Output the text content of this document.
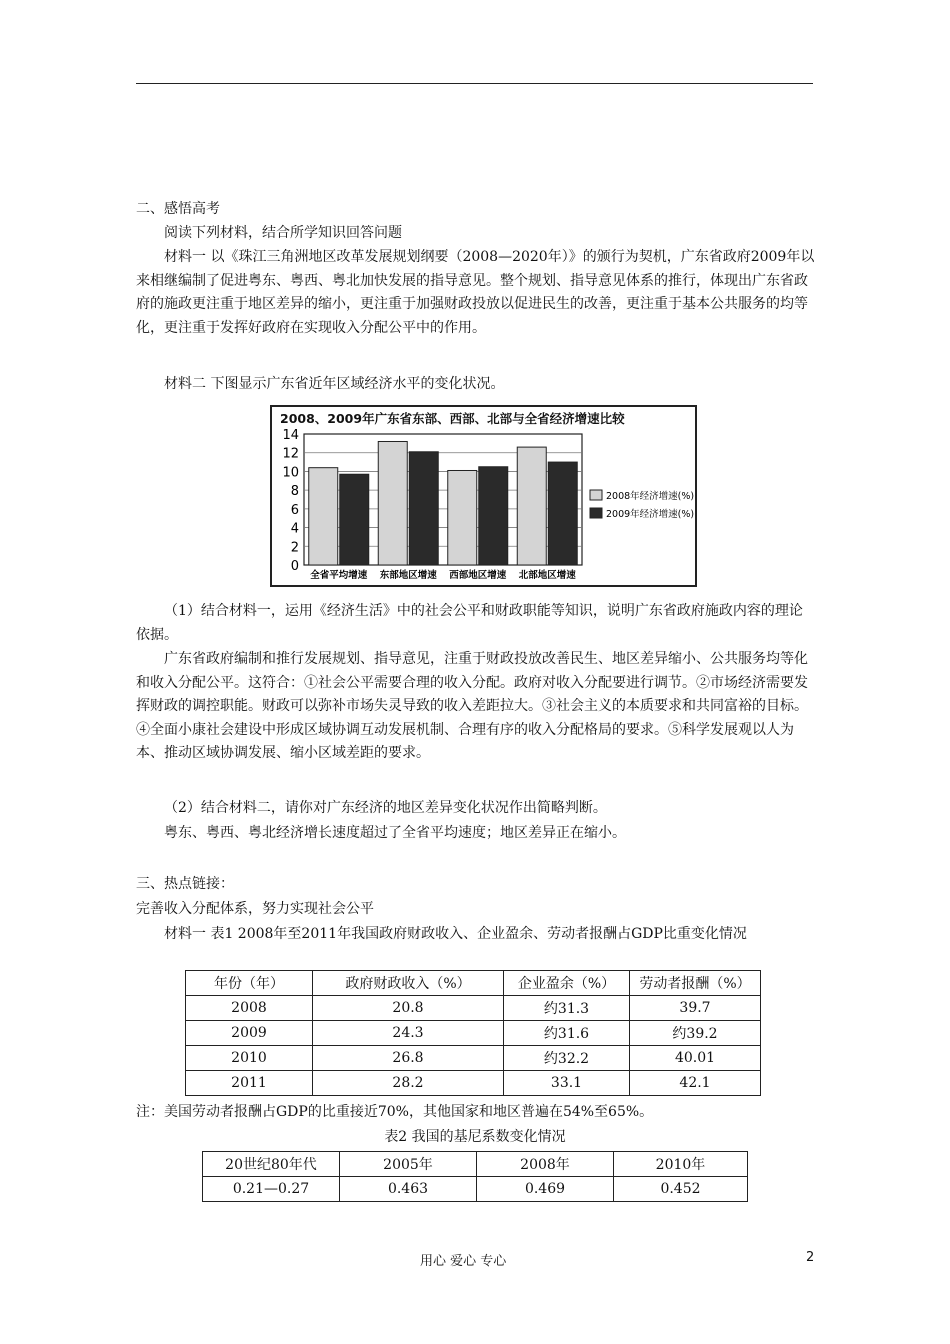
二、感悟高考

阅读下列材料，结合所学知识回答问题

材料一 以《珠江三角洲地区改革发展规划纲要（2008—2020年）》的颁行为契机，广东省政府2009年以来相继编制了促进粤东、粤西、粤北加快发展的指导意见。整个规划、指导意见体系的推行，体现出广东省政府的施政更注重于地区差异的缩小，更注重于加强财政投放以促进民生的改善，更注重于基本公共服务的均等化，更注重于发挥好政府在实现收入分配公平中的作用。

材料二 下图显示广东省近年区域经济水平的变化状况。

2008、2009年广东省东部、西部、北部与全省经济增速比较
0
2
4
6
8
10
12
14
全省平均增速 东部地区增速 西部地区增速 北部地区增速
2008年经济增速(%)
2009年经济增速(%)

（1）结合材料一，运用《经济生活》中的社会公平和财政职能等知识，说明广东省政府施政内容的理论依据。

广东省政府编制和推行发展规划、指导意见，注重于财政投放改善民生、地区差异缩小、公共服务均等化和收入分配公平。这符合：①社会公平需要合理的收入分配。政府对收入分配要进行调节。②市场经济需要发挥财政的调控职能。财政可以弥补市场失灵导致的收入差距拉大。③社会主义的本质要求和共同富裕的目标。④全面小康社会建设中形成区域协调互动发展机制、合理有序的收入分配格局的要求。⑤科学发展观以人为本、推动区域协调发展、缩小区域差距的要求。

（2）结合材料二，请你对广东经济的地区差异变化状况作出简略判断。

粤东、粤西、粤北经济增长速度超过了全省平均速度；地区差异正在缩小。

三、热点链接：

完善收入分配体系，努力实现社会公平

材料一 表1 2008年至2011年我国政府财政收入、企业盈余、劳动者报酬占GDP比重变化情况

年份（年）	政府财政收入（%）	企业盈余（%）	劳动者报酬（%）
2008	20.8	约31.3	39.7
2009	24.3	约31.6	约39.2
2010	26.8	约32.2	40.01
2011	28.2	33.1	42.1

注：美国劳动者报酬占GDP的比重接近70%，其他国家和地区普遍在54%至65%。

表2 我国的基尼系数变化情况

20世纪80年代	2005年	2008年	2010年
0.21—0.27	0.463	0.469	0.452
用心 爱心 专心	2
